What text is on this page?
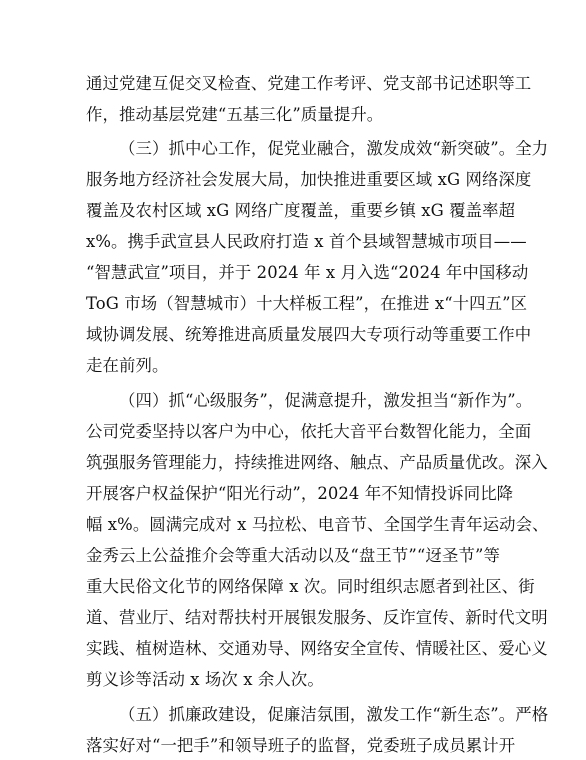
通过党建互促交叉检查、党建工作考评、党支部书记述职等工
作，推动基层党建“五基三化”质量提升。
（三）抓中心工作，促党业融合，激发成效“新突破”。全力
服务地方经济社会发展大局，加快推进重要区域 xG 网络深度
覆盖及农村区域 xG 网络广度覆盖，重要乡镇 xG 覆盖率超
x%。携手武宣县人民政府打造 x 首个县域智慧城市项目——
“智慧武宣”项目，并于 2024 年 x 月入选“2024 年中国移动
ToG 市场（智慧城市）十大样板工程”，在推进 x“十四五”区
域协调发展、统筹推进高质量发展四大专项行动等重要工作中
走在前列。
（四）抓“心级服务”，促满意提升，激发担当“新作为”。
公司党委坚持以客户为中心，依托大音平台数智化能力，全面
筑强服务管理能力，持续推进网络、触点、产品质量优改。深入
开展客户权益保护“阳光行动”，2024 年不知情投诉同比降
幅 x%。圆满完成对 x 马拉松、电音节、全国学生青年运动会、
金秀云上公益推介会等重大活动以及“盘王节”“迓圣节”等
重大民俗文化节的网络保障 x 次。同时组织志愿者到社区、街
道、营业厅、结对帮扶村开展银发服务、反诈宣传、新时代文明
实践、植树造林、交通劝导、网络安全宣传、情暖社区、爱心义
剪义诊等活动 x 场次 x 余人次。
（五）抓廉政建设，促廉洁氛围，激发工作“新生态”。严格
落实好对“一把手”和领导班子的监督，党委班子成员累计开
